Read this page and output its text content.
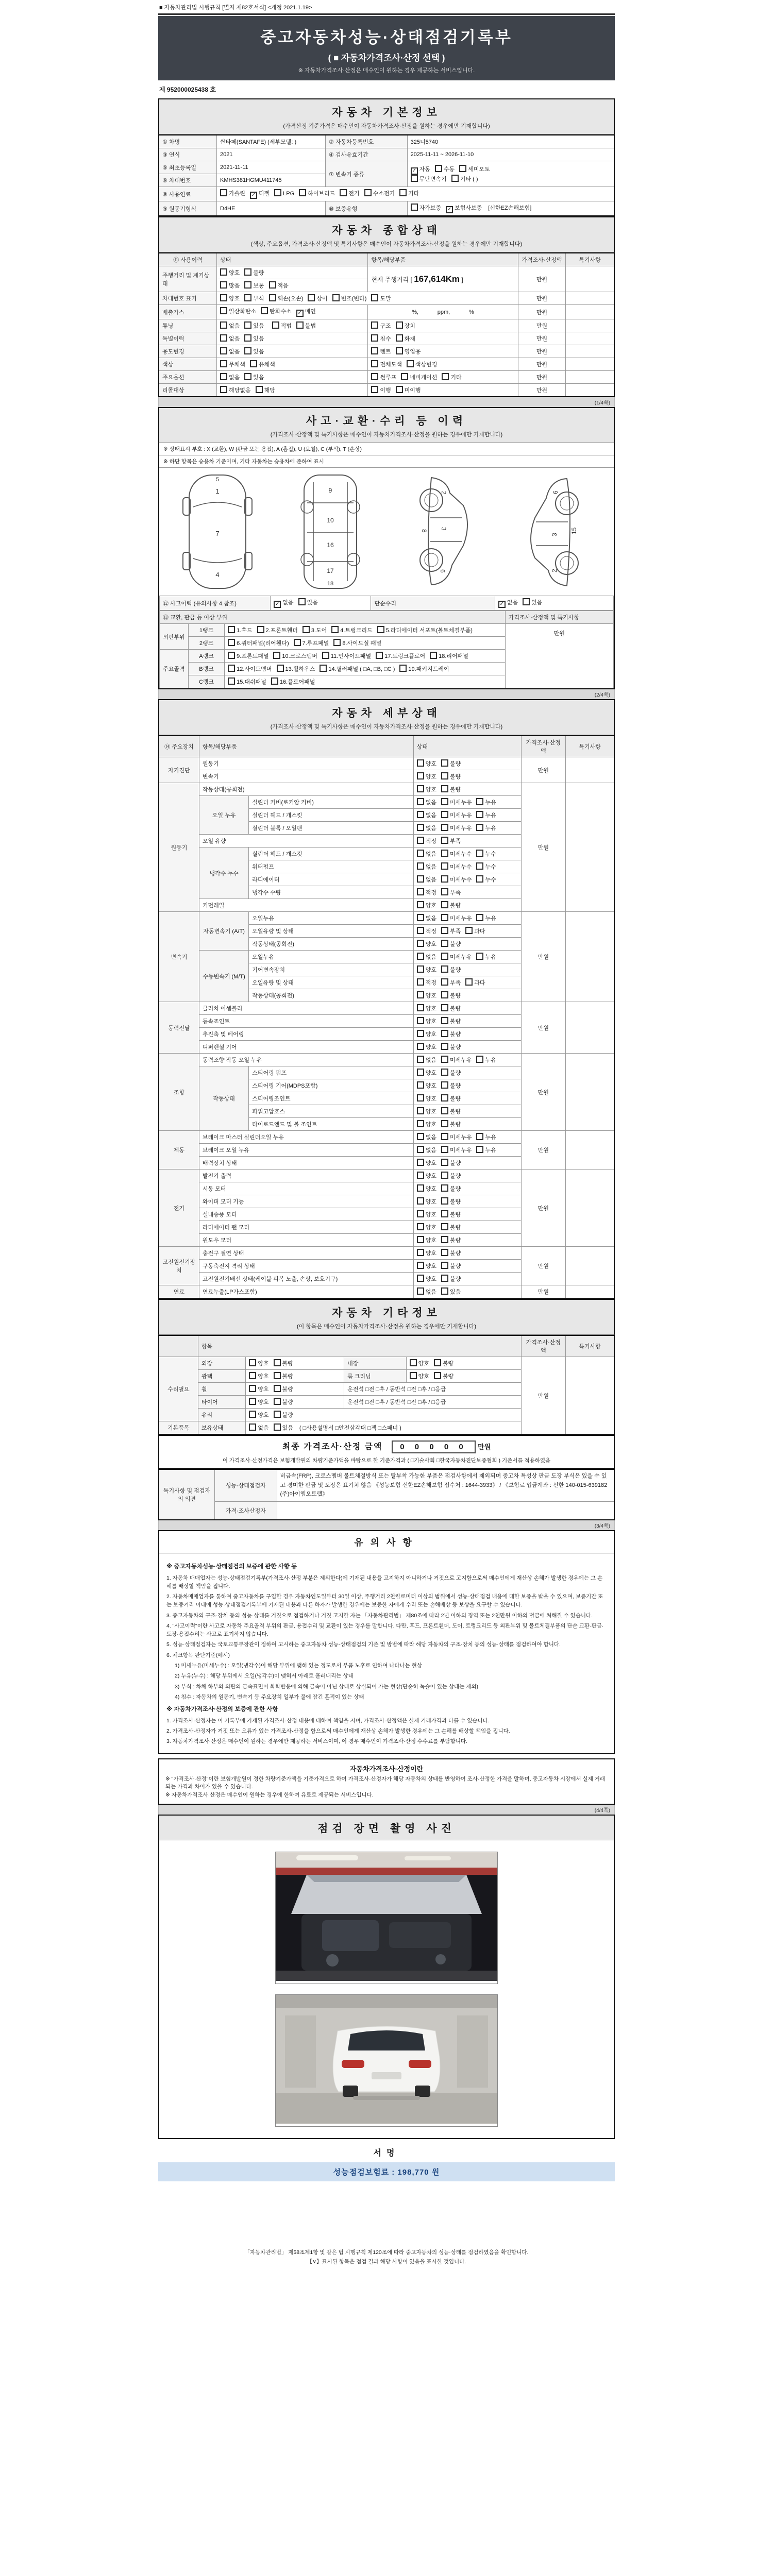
■ 자동차관리법 시행규칙 [별지 제82호서식] <개정 2021.1.19>
중고자동차성능·상태점검기록부
( ■ 자동차가격조사·산정 선택 )
※ 자동차가격조사·산정은 매수인이 원하는 경우 제공하는 서비스입니다.
제 952000025438 호
자동차 기본정보
(가격산정 기준가격은 매수인이 자동차가격조사·산정을 원하는 경우에만 기재합니다)
① 차명	싼타페(SANTAFE) (세부모델: )	② 자동차등록번호	325너5740
③ 연식	2021	④ 검사유효기간	2025-11-11 ~ 2026-11-10
⑤ 최초등록일	2021-11-11	⑦ 변속기 종류	
✓자동 수동 세미오토
무단변속기 기타 ( )

⑥ 차대번호	KMHS381HGMU411745		
⑧ 사용연료	가솔린 ✓ 디젤 LPG 하이브리드 전기 수소전기 기타
⑨ 원동기형식	D4HE	⑩ 보증유형	자가보증 ✓ 보험사보증 [신한EZ손해보험]
자동차 종합상태
(색상, 주요옵션, 가격조사·산정액 및 특기사항은 매수인이 자동차가격조사·산정을 원하는 경우에만 기재합니다)
⑪ 사용이력	상태	항목/해당부품	가격조사·산정액	특기사항
주행거리 및 계기상태	양호 불량	현재 주행거리 [ 167,614Km ]	만원	
	많음 보통 적음			
차대번호 표기	양호 부식 훼손(오손) 상이 변조(변타) 도말		만원	
배출가스	일산화탄소 탄화수소 ✓ 매연	%,            ppm,            %	만원	
튜닝	없음 있음 적법 불법	구조 장치	만원	
특별이력	없음 있음	침수 화재	만원	
용도변경	없음 있음	렌트 영업용	만원	
색상	무채색 유채색	전체도색 색상변경	만원	
주요옵션	없음 있음	썬루프 네비게이션 기타	만원	
리콜대상	해당없음 해당	이행 미이행	만원	
(1/4쪽)
사고·교환·수리 등 이력
(가격조사·산정액 및 특기사항은 매수인이 자동차가격조사·산정을 원하는 경우에만 기재합니다)
※ 상태표시 부호 : X (교환), W (판금 또는 용접), A (흠집), U (요철), C (부식), T (손상)
※ 하단 항목은 승용차 기준이며, 기타 자동차는 승용차에 준하여 표시
1
7
4
5
9
10
16
17
18
2
3
6
8
2
3
6
15
⑫ 사고이력 (유의사항 4.참조)	✓없음 있음	단순수리	✓없음 있음
⑬ 교환, 판금 등 이상 부위			가격조사·산정액 및 특기사항
외판부위	1랭크	1.후드 2.프론트휀더 3.도어 4.트렁크리드 5.라디에이터 서포트(볼트체결부품)	만원
	2랭크	6.쿼터패널(리어휀다) 7.루프패널 8.사이드실 패널	
주요골격	A랭크	9.프론트패널 10.크로스멤버 11.인사이드패널 17.트렁크플로어 18.리어패널	
	B랭크	12.사이드멤버 13.휠하우스 14.필러패널 ( □A, □B, □C ) 19.패키지트레이	
	C랭크	15.대쉬패널 16.플로어패널	
(2/4쪽)
자동차 세부상태
(가격조사·산정액 및 특기사항은 매수인이 자동차가격조사·산정을 원하는 경우에만 기재합니다)
⑭ 주요장치	항목/해당부품		상태	가격조사·산정액	특기사항
자기진단	원동기		양호 불량	만원	
	변속기		양호 불량		
원동기	작동상태(공회전)		양호 불량	만원	
	오일 누유	실린더 커버(로커암 커버)	없음 미세누유 누유		
		실린더 헤드 / 개스킷	없음 미세누유 누유		
		실린더 블록 / 오일팬	없음 미세누유 누유		
	오일 유량		적정 부족		
	냉각수 누수	실린더 헤드 / 개스킷	없음 미세누수 누수		
		워터펌프	없음 미세누수 누수		
		라디에이터	없음 미세누수 누수		
		냉각수 수량	적정 부족		
	커먼레일		양호 불량		
변속기	자동변속기 (A/T)	오일누유	없음 미세누유 누유	만원	
		오일유량 및 상태	적정 부족 과다		
		작동상태(공회전)	양호 불량		
	수동변속기 (M/T)	오일누유	없음 미세누유 누유		
		기어변속장치	양호 불량		
		오일유량 및 상태	적정 부족 과다		
		작동상태(공회전)	양호 불량		
동력전달	클러치 어셈블리		양호 불량	만원	
	등속죠인트		양호 불량		
	추진축 및 베어링		양호 불량		
	디퍼렌셜 기어		양호 불량		
조향	동력조향 작동 오일 누유		없음 미세누유 누유	만원	
	작동상태	스티어링 펌프	양호 불량		
		스티어링 기어(MDPS포함)	양호 불량		
		스티어링조인트	양호 불량		
		파워고압호스	양호 불량		
		타이로드엔드 및 볼 조인트	양호 불량		
제동	브레이크 마스터 실린더오일 누유		없음 미세누유 누유	만원	
	브레이크 오일 누유		없음 미세누유 누유		
	배력장치 상태		양호 불량		
전기	발전기 출력		양호 불량	만원	
	시동 모터		양호 불량		
	와이퍼 모터 기능		양호 불량		
	실내송풍 모터		양호 불량		
	라디에이터 팬 모터		양호 불량		
	윈도우 모터		양호 불량		
고전원전기장치	충전구 절연 상태		양호 불량	만원	
	구동축전지 격리 상태		양호 불량		
	고전원전기배선 상태(케이블 피복 노출, 손상, 보호기구)		양호 불량		
연료	연료누출(LP가스포함)		없음 있음	만원	
자동차 기타정보
(이 항목은 매수인이 자동차가격조사·산정을 원하는 경우에만 기재합니다)
	항목				가격조사·산정액	특기사항
수리필요	외장	양호 불량	내장	양호 불량	만원	
	광택	양호 불량	룸 크리닝	양호 불량		
	휠	양호 불량	운전석 □전 □후 / 동반석 □전 □후 / □응급			
	타이어	양호 불량	운전석 □전 □후 / 동반석 □전 □후 / □응급			
	유리	양호 불량				
기본품목	보유상태	없음 있음 ( □사용설명서 □안전삼각대 □잭 □스패너 )				
최종 가격조사·산정 금액 0 0 0 0 0 만원
이 가격조사·산정가격은 보험개발원의 차량기준가액을 바탕으로 한 기준가격과 ( □기술사회 □한국자동차진단보증협회 ) 기준서를 적용하였음
특기사항 및 점검자의 의견	성능·상태점검자	비금속(FRP), 크로스멤버 볼트체결방식 또는 탈부착 가능한 부품은 점검사항에서 제외되며 중고차 특성상 판금 도장 부식은 있을 수 있고 경미한 판금 및 도장은 표기치 않음 《성능보험 신한EZ손해보험 접수처 : 1644-3933》 / 《보험료 입금계좌 : 신한 140-015-639182 (주)아이엠오토랩》
	가격·조사산정자	
(3/4쪽)
유의사항

※ 중고자동차성능·상태점검의 보증에 관한 사항 등

1. 자동차 매매업자는 성능·상태점검기록부(가격조사·산정 부분은 제외한다)에 기재된 내용을 고지하지 아니하거나 거짓으로 고지함으로써 매수인에게 재산상 손해가 발생한 경우에는 그 손해를 배상할 책임을 집니다.

2. 자동차매매업자를 통하여 중고자동차를 구입한 경우 자동차인도일부터 30일 이상, 주행거리 2천킬로미터 이상의 범위에서 성능·상태점검 내용에 대한 보증을 받을 수 있으며, 보증기간 또는 보증거리 이내에 성능·상태점검기록부에 기재된 내용과 다른 하자가 발생한 경우에는 보증한 자에게 수리 또는 손해배상 등 보상을 요구할 수 있습니다.

3. 중고자동차의 구조·장치 등의 성능·상태를 거짓으로 점검하거나 거짓 고지한 자는 「자동차관리법」 제80조에 따라 2년 이하의 징역 또는 2천만원 이하의 벌금에 처해질 수 있습니다.

4. "사고이력"이란 사고로 자동차 주요골격 부위의 판금, 용접수리 및 교환이 있는 경우를 말합니다. 다만, 후드, 프론트휀더, 도어, 트렁크리드 등 외판부위 및 볼트체결부품의 단순 교환·판금·도장·용접수리는 사고로 표기하지 않습니다.

5. 성능·상태점검자는 국토교통부장관이 정하여 고시하는 중고자동차 성능·상태점검의 기준 및 방법에 따라 해당 자동차의 구조·장치 등의 성능·상태를 점검하여야 합니다.

6. 체크항목 판단기준(예시)

1) 미세누유(미세누수) : 오일(냉각수)이 해당 부위에 맺혀 있는 정도로서 부품 노후로 인하여 나타나는 현상

2) 누유(누수) : 해당 부위에서 오일(냉각수)이 맺혀서 아래로 흘러내리는 상태

3) 부식 : 차체 하부와 외판의 금속표면이 화학반응에 의해 금속이 아닌 상태로 상실되어 가는 현상(단순히 녹슬어 있는 상태는 제외)

4) 침수 : 자동차의 원동기, 변속기 등 주요장치 일부가 물에 잠긴 흔적이 있는 상태

※ 자동차가격조사·산정의 보증에 관한 사항

1. 가격조사·산정자는 이 기록부에 기재된 가격조사·산정 내용에 대하여 책임을 지며, 가격조사·산정액은 실제 거래가격과 다를 수 있습니다.

2. 가격조사·산정자가 거짓 또는 오류가 있는 가격조사·산정을 함으로써 매수인에게 재산상 손해가 발생한 경우에는 그 손해를 배상할 책임을 집니다.

3. 자동차가격조사·산정은 매수인이 원하는 경우에만 제공하는 서비스이며, 이 경우 매수인이 가격조사·산정 수수료를 부담합니다.

자동차가격조사·산정이란
※ "가격조사·산정"이란 보험개발원이 정한 차량기준가액을 기준가격으로 하여 가격조사·산정자가 해당 자동차의 상태를 반영하여 조사·산정한 가격을 말하며, 중고자동차 시장에서 실제 거래되는 가격과 차이가 있을 수 있습니다.
※ 자동차가격조사·산정은 매수인이 원하는 경우에 한하여 유료로 제공되는 서비스입니다.
(4/4쪽)
점검 장면 촬영 사진

서명
성능점검보험료 : 198,770 원
「자동차관리법」 제58조제1항 및 같은 법 시행규칙 제120조에 따라 중고자동차의 성능·상태를 점검하였음을 확인합니다.
【∨】표시된 항목은 점검 결과 해당 사항이 있음을 표시한 것입니다.
